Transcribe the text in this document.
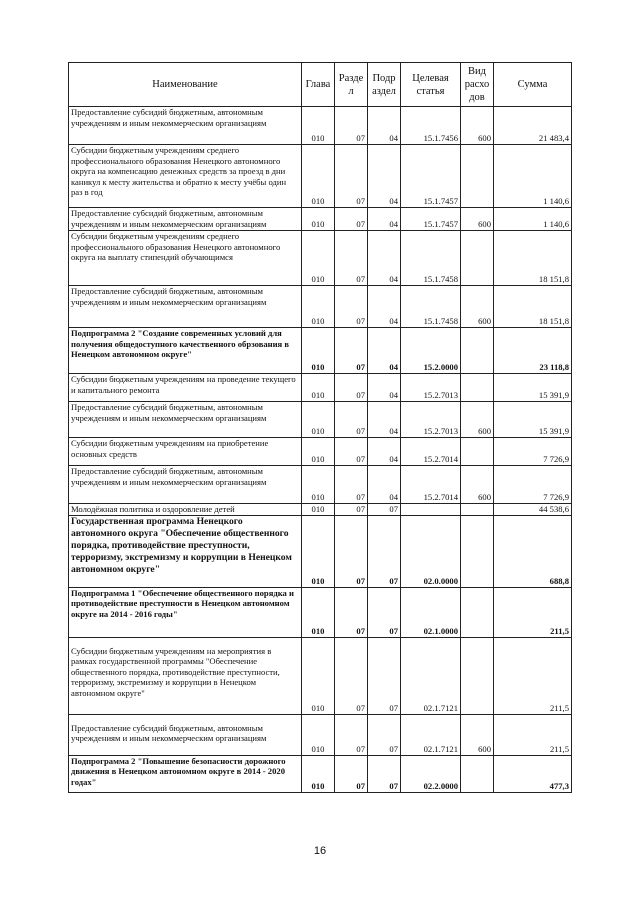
Наименование	Глава	Разде л	Подр аздел	Целевая статья	Вид расхо дов	Сумма
Предоставление субсидий бюджетным, автономным учреждениям и иным некоммерческим организациям	010	07	04	15.1.7456	600	21 483,4
Субсидии бюджетным учреждениям среднего профессионального образования Ненецкого автономного округа на компенсацию денежных средств за проезд в дни каникул к месту жительства и обратно к месту учёбы один раз в год	010	07	04	15.1.7457		1 140,6
Предоставление субсидий бюджетным, автономным учреждениям и иным некоммерческим организациям	010	07	04	15.1.7457	600	1 140,6
Субсидии бюджетным учреждениям среднего профессионального образования Ненецкого автономного округа на выплату стипендий обучающимся	010	07	04	15.1.7458		18 151,8
Предоставление субсидий бюджетным, автономным учреждениям и иным некоммерческим организациям	010	07	04	15.1.7458	600	18 151,8
Подпрограмма 2 "Создание современных условий для получения общедоступного качественного обрзования в Ненецком автономном округе"	010	07	04	15.2.0000		23 118,8
Субсидии бюджетным учреждениям на проведение текущего и капитального ремонта	010	07	04	15.2.7013		15 391,9
Предоставление субсидий бюджетным, автономным учреждениям и иным некоммерческим организациям	010	07	04	15.2.7013	600	15 391,9
Субсидии бюджетным учреждениям на приобретение основных средств	010	07	04	15.2.7014		7 726,9
Предоставление субсидий бюджетным, автономным учреждениям и иным некоммерческим организациям	010	07	04	15.2.7014	600	7 726,9
Молодёжная политика и оздоровление детей	010	07	07			44 538,6
Государственная программа Ненецкого автономного округа "Обеспечение общественного порядка, противодействие преступности, терроризму, экстремизму и коррупции в Ненецком автономном округе"	010	07	07	02.0.0000		688,8
Подпрограмма 1 "Обеспечение общественного порядка и противодействие преступности в Ненецком автономном округе на 2014 - 2016 годы"	010	07	07	02.1.0000		211,5
Субсидии бюджетным учреждениям на мероприятия в рамках государственной программы "Обеспечение общественного порядка, противодействие преступности, терроризму, экстремизму и коррупции в Ненецком автономном округе"	010	07	07	02.1.7121		211,5
Предоставление субсидий бюджетным, автономным учреждениям и иным некоммерческим организациям	010	07	07	02.1.7121	600	211,5
Подпрограмма 2 "Повышение безопасности дорожного движения в Ненецком автономном округе в 2014 - 2020 годах"	010	07	07	02.2.0000		477,3
16
